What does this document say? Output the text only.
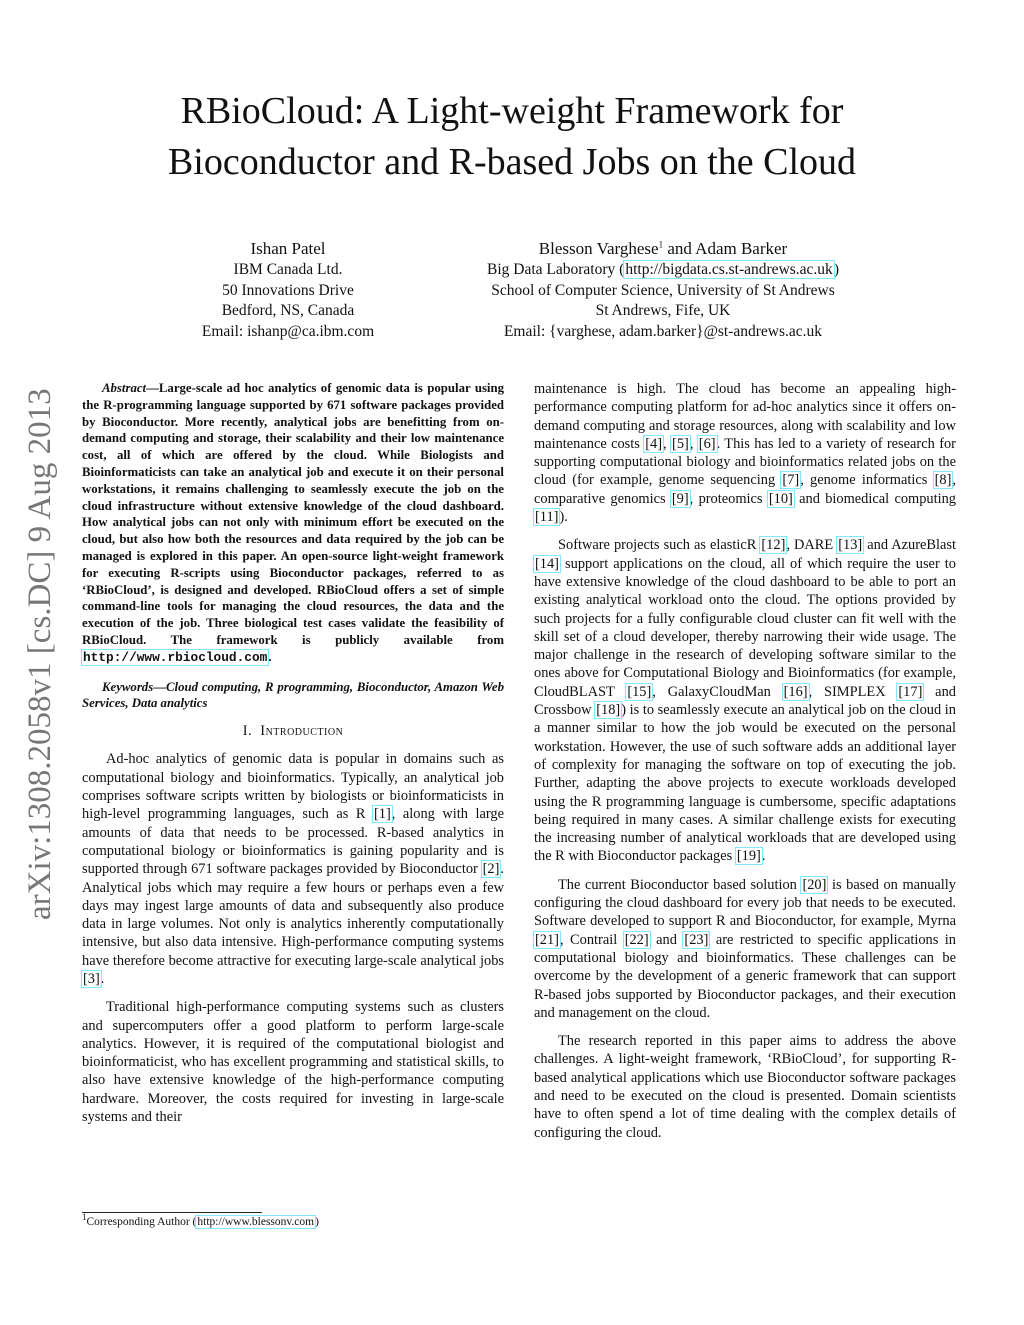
RBioCloud: A Light-weight Framework for
Bioconductor and R-based Jobs on the Cloud
Ishan Patel
IBM Canada Ltd.
50 Innovations Drive
Bedford, NS, Canada
Email: ishanp@ca.ibm.com
Blesson Varghese$^1$ and Adam Barker
Big Data Laboratory (http://bigdata.cs.st-andrews.ac.uk)
School of Computer Science, University of St Andrews
St Andrews, Fife, UK
Email: {varghese, adam.barker}@st-andrews.ac.uk
arXiv:1308.2058v1 [cs.DC] 9 Aug 2013

Abstract—Large-scale ad hoc analytics of genomic data is popular using the R-programming language supported by 671 software packages provided by Bioconductor. More recently, analytical jobs are benefitting from on-demand computing and storage, their scalability and their low maintenance cost, all of which are offered by the cloud. While Biologists and Bioinformaticists can take an analytical job and execute it on their personal workstations, it remains challenging to seamlessly execute the job on the cloud infrastructure without extensive knowledge of the cloud dashboard. How analytical jobs can not only with minimum effort be executed on the cloud, but also how both the resources and data required by the job can be managed is explored in this paper. An open-source light-weight framework for executing R-scripts using Bioconductor packages, referred to as ‘RBioCloud’, is designed and developed. RBioCloud offers a set of simple command-line tools for managing the cloud resources, the data and the execution of the job. Three biological test cases validate the feasibility of RBioCloud. The framework is publicly available from http://www.rbiocloud.com.

Keywords—Cloud computing, R programming, Bioconductor, Amazon Web Services, Data analytics

I. Introduction

Ad-hoc analytics of genomic data is popular in domains such as computational biology and bioinformatics. Typically, an analytical job comprises software scripts written by biologists or bioinformaticists in high-level programming languages, such as R [1], along with large amounts of data that needs to be processed. R-based analytics in computational biology or bioinformatics is gaining popularity and is supported through 671 software packages provided by Bioconductor [2]. Analytical jobs which may require a few hours or perhaps even a few days may ingest large amounts of data and subsequently also produce data in large volumes. Not only is analytics inherently computationally intensive, but also data intensive. High-performance computing systems have therefore become attractive for executing large-scale analytical jobs [3].

Traditional high-performance computing systems such as clusters and supercomputers offer a good platform to perform large-scale analytics. However, it is required of the computational biologist and bioinformaticist, who has excellent programming and statistical skills, to also have extensive knowledge of the high-performance computing hardware. Moreover, the costs required for investing in large-scale systems and their

maintenance is high. The cloud has become an appealing high-performance computing platform for ad-hoc analytics since it offers on-demand computing and storage resources, along with scalability and low maintenance costs [4], [5], [6]. This has led to a variety of research for supporting computational biology and bioinformatics related jobs on the cloud (for example, genome sequencing [7], genome informatics [8], comparative genomics [9], proteomics [10] and biomedical computing [11]).

Software projects such as elasticR [12], DARE [13] and AzureBlast [14] support applications on the cloud, all of which require the user to have extensive knowledge of the cloud dashboard to be able to port an existing analytical workload onto the cloud. The options provided by such projects for a fully configurable cloud cluster can fit well with the skill set of a cloud developer, thereby narrowing their wide usage. The major challenge in the research of developing software similar to the ones above for Computational Biology and Bioinformatics (for example, CloudBLAST [15], GalaxyCloudMan [16], SIMPLEX [17] and Crossbow [18]) is to seamlessly execute an analytical job on the cloud in a manner similar to how the job would be executed on the personal workstation. However, the use of such software adds an additional layer of complexity for managing the software on top of executing the job. Further, adapting the above projects to execute workloads developed using the R programming language is cumbersome, specific adaptations being required in many cases. A similar challenge exists for executing the increasing number of analytical workloads that are developed using the R with Bioconductor packages [19].

The current Bioconductor based solution [20] is based on manually configuring the cloud dashboard for every job that needs to be executed. Software developed to support R and Bioconductor, for example, Myrna [21], Contrail [22] and [23] are restricted to specific applications in computational biology and bioinformatics. These challenges can be overcome by the development of a generic framework that can support R-based jobs supported by Bioconductor packages, and their execution and management on the cloud.

The research reported in this paper aims to address the above challenges. A light-weight framework, ‘RBioCloud’, for supporting R-based analytical applications which use Bioconductor software packages and need to be executed on the cloud is presented. Domain scientists have to often spend a lot of time dealing with the complex details of configuring the cloud.

$^1$Corresponding Author (http://www.blessonv.com)
